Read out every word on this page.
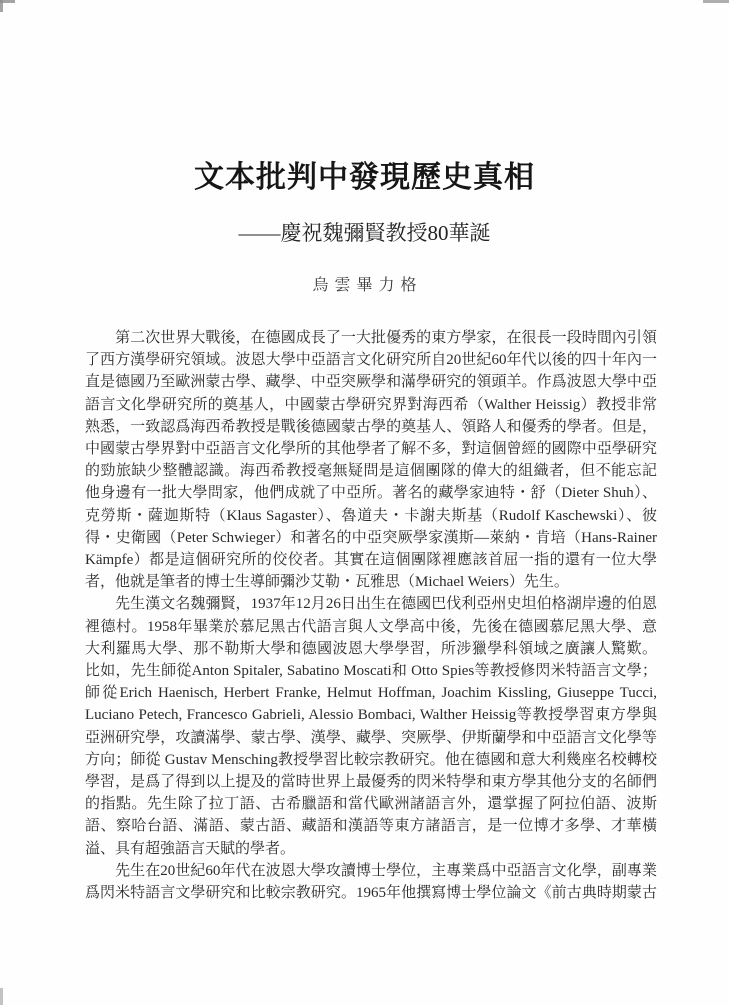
文本批判中發現歷史真相
——慶祝魏彌賢教授80華誕
烏雲畢力格
　　第二次世界大戰後，在德國成長了一大批優秀的東方學家，在很長一段時間內引領
了西方漢學研究領域。波恩大學中亞語言文化研究所自20世紀60年代以後的四十年內一
直是德國乃至歐洲蒙古學、藏學、中亞突厥學和滿學研究的領頭羊。作爲波恩大學中亞
語言文化學研究所的奠基人，中國蒙古學研究界對海西希（Walther Heissig）教授非常
熟悉，一致認爲海西希教授是戰後德國蒙古學的奠基人、領路人和優秀的學者。但是，
中國蒙古學界對中亞語言文化學所的其他學者了解不多，對這個曾經的國際中亞學研究
的勁旅缺少整體認識。海西希教授毫無疑問是這個團隊的偉大的組織者，但不能忘記
他身邊有一批大學問家，他們成就了中亞所。著名的藏學家迪特・舒（Dieter Shuh）、
克勞斯・薩迦斯特（Klaus Sagaster）、魯道夫・卡謝夫斯基（Rudolf Kaschewski）、彼
得・史衛國（Peter Schwieger）和著名的中亞突厥學家漢斯—萊納・肯培（Hans-Rainer
Kämpfe）都是這個研究所的佼佼者。其實在這個團隊裡應該首屈一指的還有一位大學
者，他就是筆者的博士生導師彌沙艾勒・瓦雅思（Michael Weiers）先生。
　　先生漢文名魏彌賢，1937年12月26日出生在德國巴伐利亞州史坦伯格湖岸邊的伯恩
裡德村。1958年畢業於慕尼黑古代語言與人文學高中後，先後在德國慕尼黑大學、意
大利羅馬大學、那不勒斯大學和德國波恩大學學習，所涉獵學科領域之廣讓人驚歎。
比如，先生師從Anton Spitaler, Sabatino Moscati和 Otto Spies等教授修閃米特語言文學；
師從Erich Haenisch, Herbert Franke, Helmut Hoffman, Joachim Kissling, Giuseppe Tucci,
Luciano Petech, Francesco Gabrieli, Alessio Bombaci, Walther Heissig等教授學習東方學與
亞洲研究學，攻讀滿學、蒙古學、漢學、藏學、突厥學、伊斯蘭學和中亞語言文化學等
方向；師從 Gustav Mensching教授學習比較宗教研究。他在德國和意大利幾座名校轉校
學習，是爲了得到以上提及的當時世界上最優秀的閃米特學和東方學其他分支的名師們
的指點。先生除了拉丁語、古希臘語和當代歐洲諸語言外，還掌握了阿拉伯語、波斯
語、察哈台語、滿語、蒙古語、藏語和漢語等東方諸語言，是一位博才多學、才華橫
溢、具有超強語言天賦的學者。
　　先生在20世紀60年代在波恩大學攻讀博士學位，主專業爲中亞語言文化學，副專業
爲閃米特語言文學研究和比較宗教研究。1965年他撰寫博士學位論文《前古典時期蒙古
